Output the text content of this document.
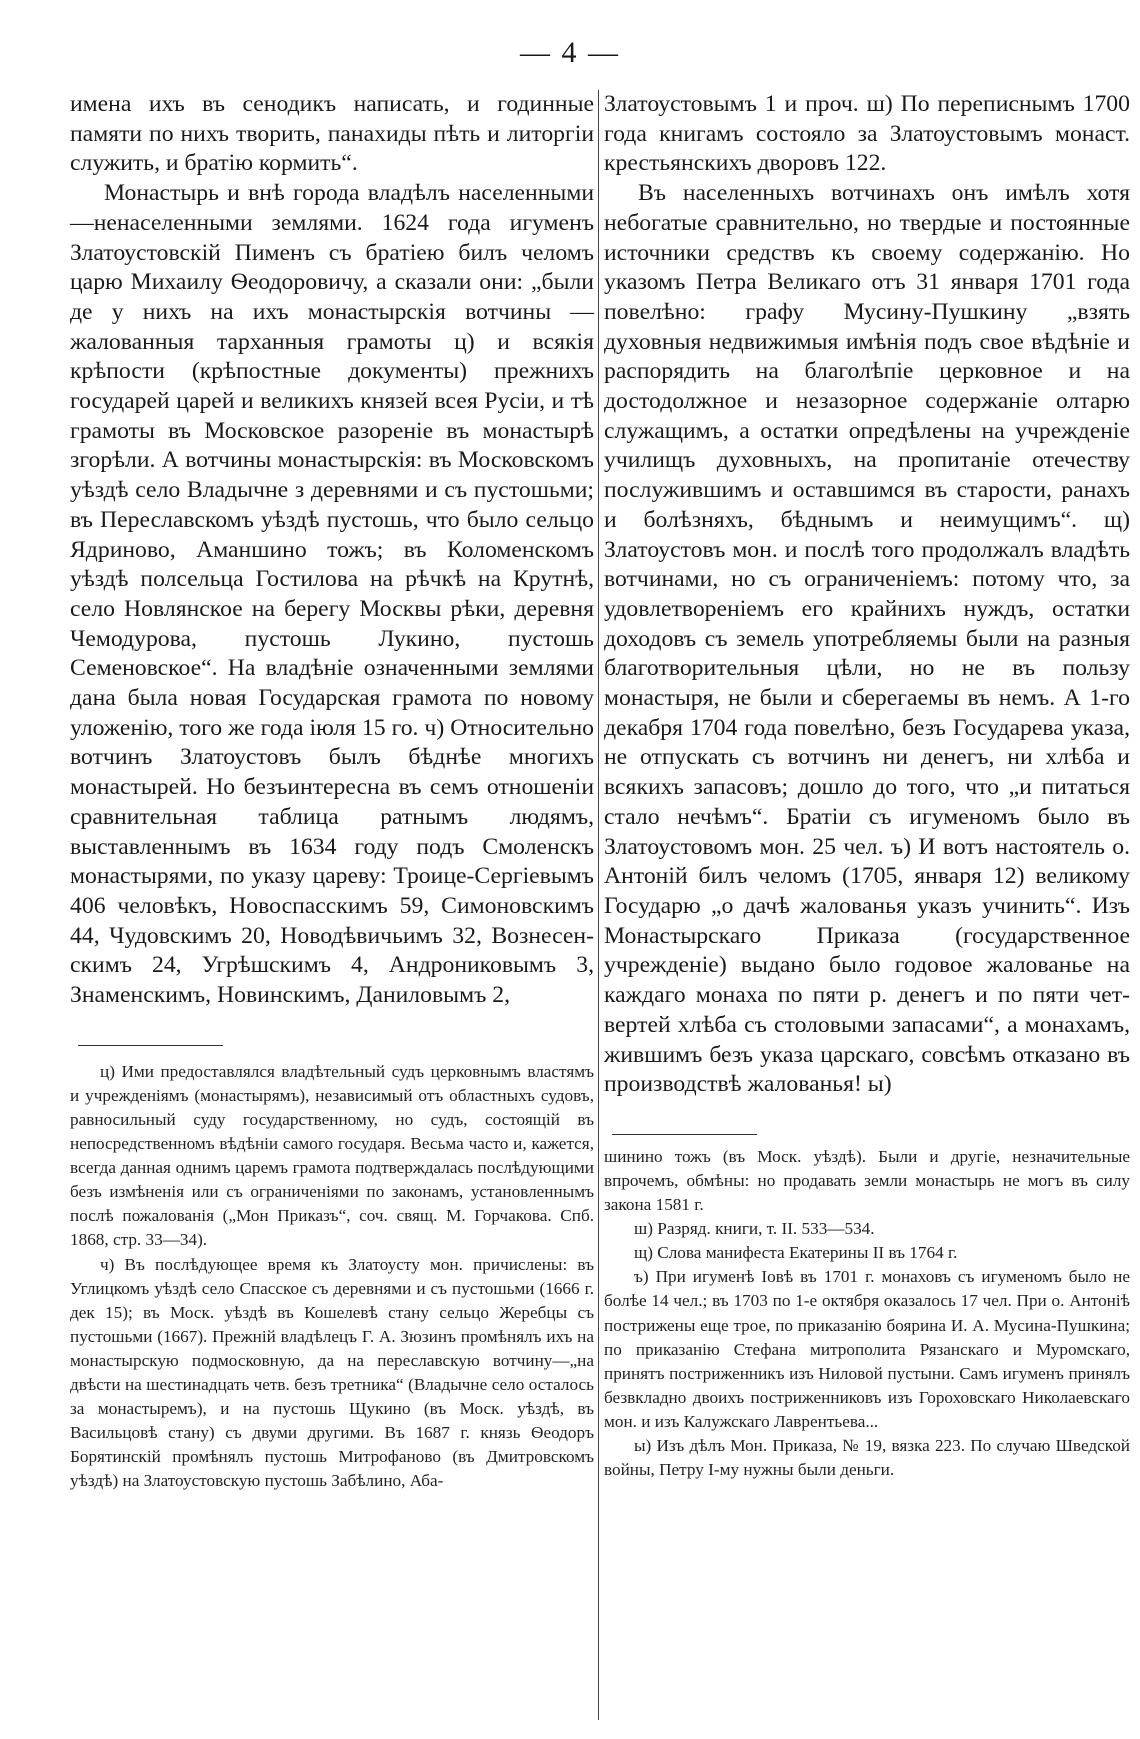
— 4 —

имена ихъ въ сенодикъ написать, и годинные памяти по нихъ творить, панахиды пѣть и литоргіи служить, и братію кормить“.

Монастырь и внѣ города владѣлъ населенными—ненаселенными землями. 1624 года игуменъ Златоустовскій Пименъ съ братіею билъ челомъ царю Михаилу Ѳеодоровичу, а сказали они: „были де у нихъ на ихъ монастырскія вотчины — жалованныя тарханныя грамоты ц) и всякія крѣпости (крѣпостные документы) прежнихъ государей царей и великихъ князей всея Русіи, и тѣ грамоты въ Московское разореніе въ монастырѣ згорѣли. А вотчины монастырскія: въ Московскомъ уѣздѣ село Владычне з деревнями и съ пустошьми; въ Переславскомъ уѣздѣ пустошь, что было сельцо Ядриново, Аманшино тожъ; въ Коломенскомъ уѣздѣ полсельца Гостилова на рѣчкѣ на Крутнѣ, село Новлянское на берегу Москвы рѣки, деревня Чемодурова, пустошь Лукино, пустошь Семеновское“. На владѣніе означенными землями дана была новая Государская грамота по новому уложенію, того же года іюля 15 го. ч) Относительно вотчинъ Златоустовъ былъ бѣднѣе многихъ монастырей. Но безъинтересна въ семъ отношеніи сравнительная таблица ратнымъ людямъ, выставленнымъ въ 1634 году подъ Смоленскъ монастырями, по указу цареву: Троице-Сергіевымъ 406 человѣкъ, Новоспасскимъ 59, Симоновскимъ 44, Чудовскимъ 20, Новодѣвичьимъ 32, Вознесенскимъ 24, Угрѣшскимъ 4, Андрониковымъ 3, Знаменскимъ, Новинскимъ, Даниловымъ 2,

ц) Ими предоставлялся владѣтельный судъ церковнымъ властямъ и учрежденіямъ (монастырямъ), независимый отъ областныхъ судовъ, равносильный суду государственному, но судъ, состоящій въ непосредственномъ вѣдѣніи самого государя. Весьма часто и, кажется, всегда данная однимъ царемъ грамота подтверждалась послѣдующими безъ измѣненія или съ ограниченіями по законамъ, установленнымъ послѣ пожалованія („Мон Приказъ“, соч. свящ. М. Горчакова. Спб. 1868, стр. 33—34).

ч) Въ послѣдующее время къ Златоусту мон. причислены: въ Углицкомъ уѣздѣ село Спасское съ деревнями и съ пустошьми (1666 г. дек 15); въ Моск. уѣздѣ въ Кошелевѣ стану сельцо Жеребцы съ пустошьми (1667). Прежній владѣлецъ Г. А. Зюзинъ промѣнялъ ихъ на монастырскую подмосковную, да на переславскую вотчину—„на двѣсти на шестинадцать четв. безъ третника“ (Владычне село осталось за монастыремъ), и на пустошь Щукино (въ Моск. уѣздѣ, въ Васильцовѣ стану) съ двуми другими. Въ 1687 г. князь Ѳеодоръ Борятинскій промѣнялъ пустошь Митрофаново (въ Дмитровскомъ уѣздѣ) на Златоустовскую пустошь Забѣлино, Аба-

Златоустовымъ 1 и проч. ш) По переписнымъ 1700 года книгамъ состояло за Златоустовымъ монаст. крестьянскихъ дворовъ 122.

Въ населенныхъ вотчинахъ онъ имѣлъ хотя небогатые сравнительно, но твердые и постоянные источники средствъ къ своему содержанію. Но указомъ Петра Великаго отъ 31 января 1701 года повелѣно: графу Мусину-Пушкину „взять духовныя недвижимыя имѣнія подъ свое вѣдѣніе и распорядить на благолѣпіе церковное и на достодолжное и незазорное содержаніе олтарю служащимъ, а остатки опредѣлены на учрежденіе училищъ духовныхъ, на пропитаніе отечеству послужившимъ и оставшимся въ старости, ранахъ и болѣзняхъ, бѣднымъ и неимущимъ“. щ) Златоустовъ мон. и послѣ того продолжалъ владѣть вотчинами, но съ ограниченіемъ: потому что, за удовлетвореніемъ его крайнихъ нуждъ, остатки доходовъ съ земель употребляемы были на разныя благотворительныя цѣли, но не въ пользу монастыря, не были и сберегаемы въ немъ. А 1-го декабря 1704 года повелѣно, безъ Государева указа, не отпускать съ вотчинъ ни денегъ, ни хлѣба и всякихъ запасовъ; дошло до того, что „и питаться стало нечѣмъ“. Братіи съ игуменомъ было въ Златоустовомъ мон. 25 чел. ъ) И вотъ настоятель о. Антоній билъ челомъ (1705, января 12) великому Государю „о дачѣ жалованья указъ учинить“. Изъ Монастырскаго Приказа (государственное учрежденіе) выдано было годовое жалованье на каждаго монаха по пяти р. денегъ и по пяти четвертей хлѣба съ столовыми запасами“, а монахамъ, жившимъ безъ указа царскаго, совсѣмъ отказано въ производствѣ жалованья! ы)

шинино тожъ (въ Моск. уѣздѣ). Были и другіе, незначительные впрочемъ, обмѣны: но продавать земли монастырь не могъ въ силу закона 1581 г.

ш) Разряд. книги, т. II. 533—534.

щ) Слова манифеста Екатерины II въ 1764 г.

ъ) При игуменѣ Іовѣ въ 1701 г. монаховъ съ игуменомъ было не болѣе 14 чел.; въ 1703 по 1-е октября оказалось 17 чел. При о. Антоніѣ пострижены еще трое, по приказанію боярина И. А. Мусина-Пушкина; по приказанію Стефана митрополита Рязанскаго и Муромскаго, принятъ постриженникъ изъ Ниловой пустыни. Самъ игуменъ принялъ безвкладно двоихъ постриженниковъ изъ Гороховскаго Николаевскаго мон. и изъ Калужскаго Лаврентьева...

ы) Изъ дѣлъ Мон. Приказа, № 19, вязка 223. По случаю Шведской войны, Петру I-му нужны были деньги.
